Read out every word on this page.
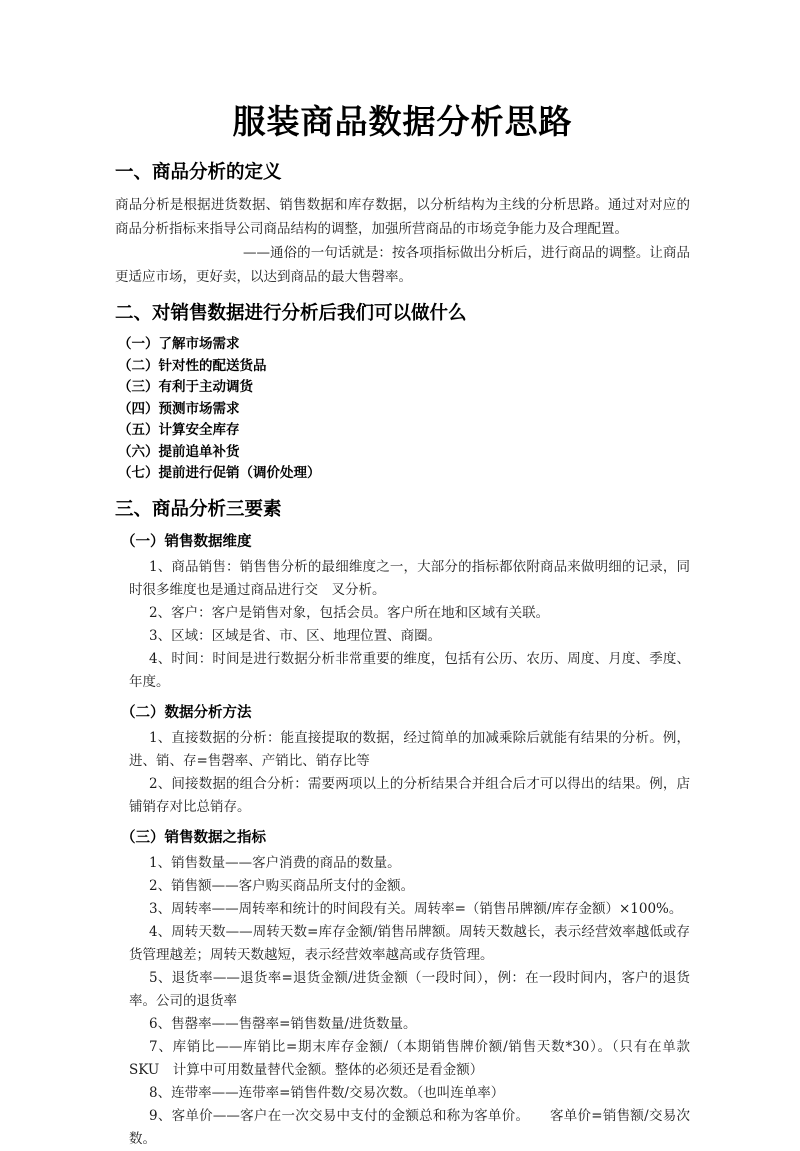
服装商品数据分析思路
一、商品分析的定义

商品分析是根据进货数据、销售数据和库存数据，以分析结构为主线的分析思路。通过对对应的商品分析指标来指导公司商品结构的调整，加强所营商品的市场竞争能力及合理配置。

——通俗的一句话就是：按各项指标做出分析后，进行商品的调整。让商品更适应市场，更好卖，以达到商品的最大售磬率。

二、对销售数据进行分析后我们可以做什么

（一）了解市场需求

（二）针对性的配送货品

（三）有利于主动调货

（四）预测市场需求

（五）计算安全库存

（六）提前追单补货

（七）提前进行促销（调价处理）

三、商品分析三要素
（一）销售数据维度

1、商品销售：销售售分析的最细维度之一，大部分的指标都依附商品来做明细的记录，同时很多维度也是通过商品进行交　叉分析。

2、客户：客户是销售对象，包括会员。客户所在地和区域有关联。

3、区域：区域是省、市、区、地理位置、商圈。

4、时间：时间是进行数据分析非常重要的维度，包括有公历、农历、周度、月度、季度、年度。

（二）数据分析方法

1、直接数据的分析：能直接提取的数据，经过简单的加减乘除后就能有结果的分析。例，进、销、存=售磬率、产销比、销存比等

2、间接数据的组合分析：需要两项以上的分析结果合并组合后才可以得出的结果。例，店铺销存对比总销存。

（三）销售数据之指标

1、销售数量——客户消费的商品的数量。

2、销售额——客户购买商品所支付的金额。

3、周转率——周转率和统计的时间段有关。周转率=（销售吊牌额/库存金额）×100%。

4、周转天数——周转天数=库存金额/销售吊牌额。周转天数越长，表示经营效率越低或存货管理越差；周转天数越短，表示经营效率越高或存货管理。

5、退货率——退货率=退货金额/进货金额（一段时间），例：在一段时间内，客户的退货率。公司的退货率

6、售罄率——售罄率=销售数量/进货数量。

7、库销比——库销比=期末库存金额/（本期销售牌价额/销售天数*30）。（只有在单款 SKU　计算中可用数量替代金额。整体的必须还是看金额）

8、连带率——连带率=销售件数/交易次数。（也叫连单率）

9、客单价——客户在一次交易中支付的金额总和称为客单价。　　客单价=销售额/交易次数。
